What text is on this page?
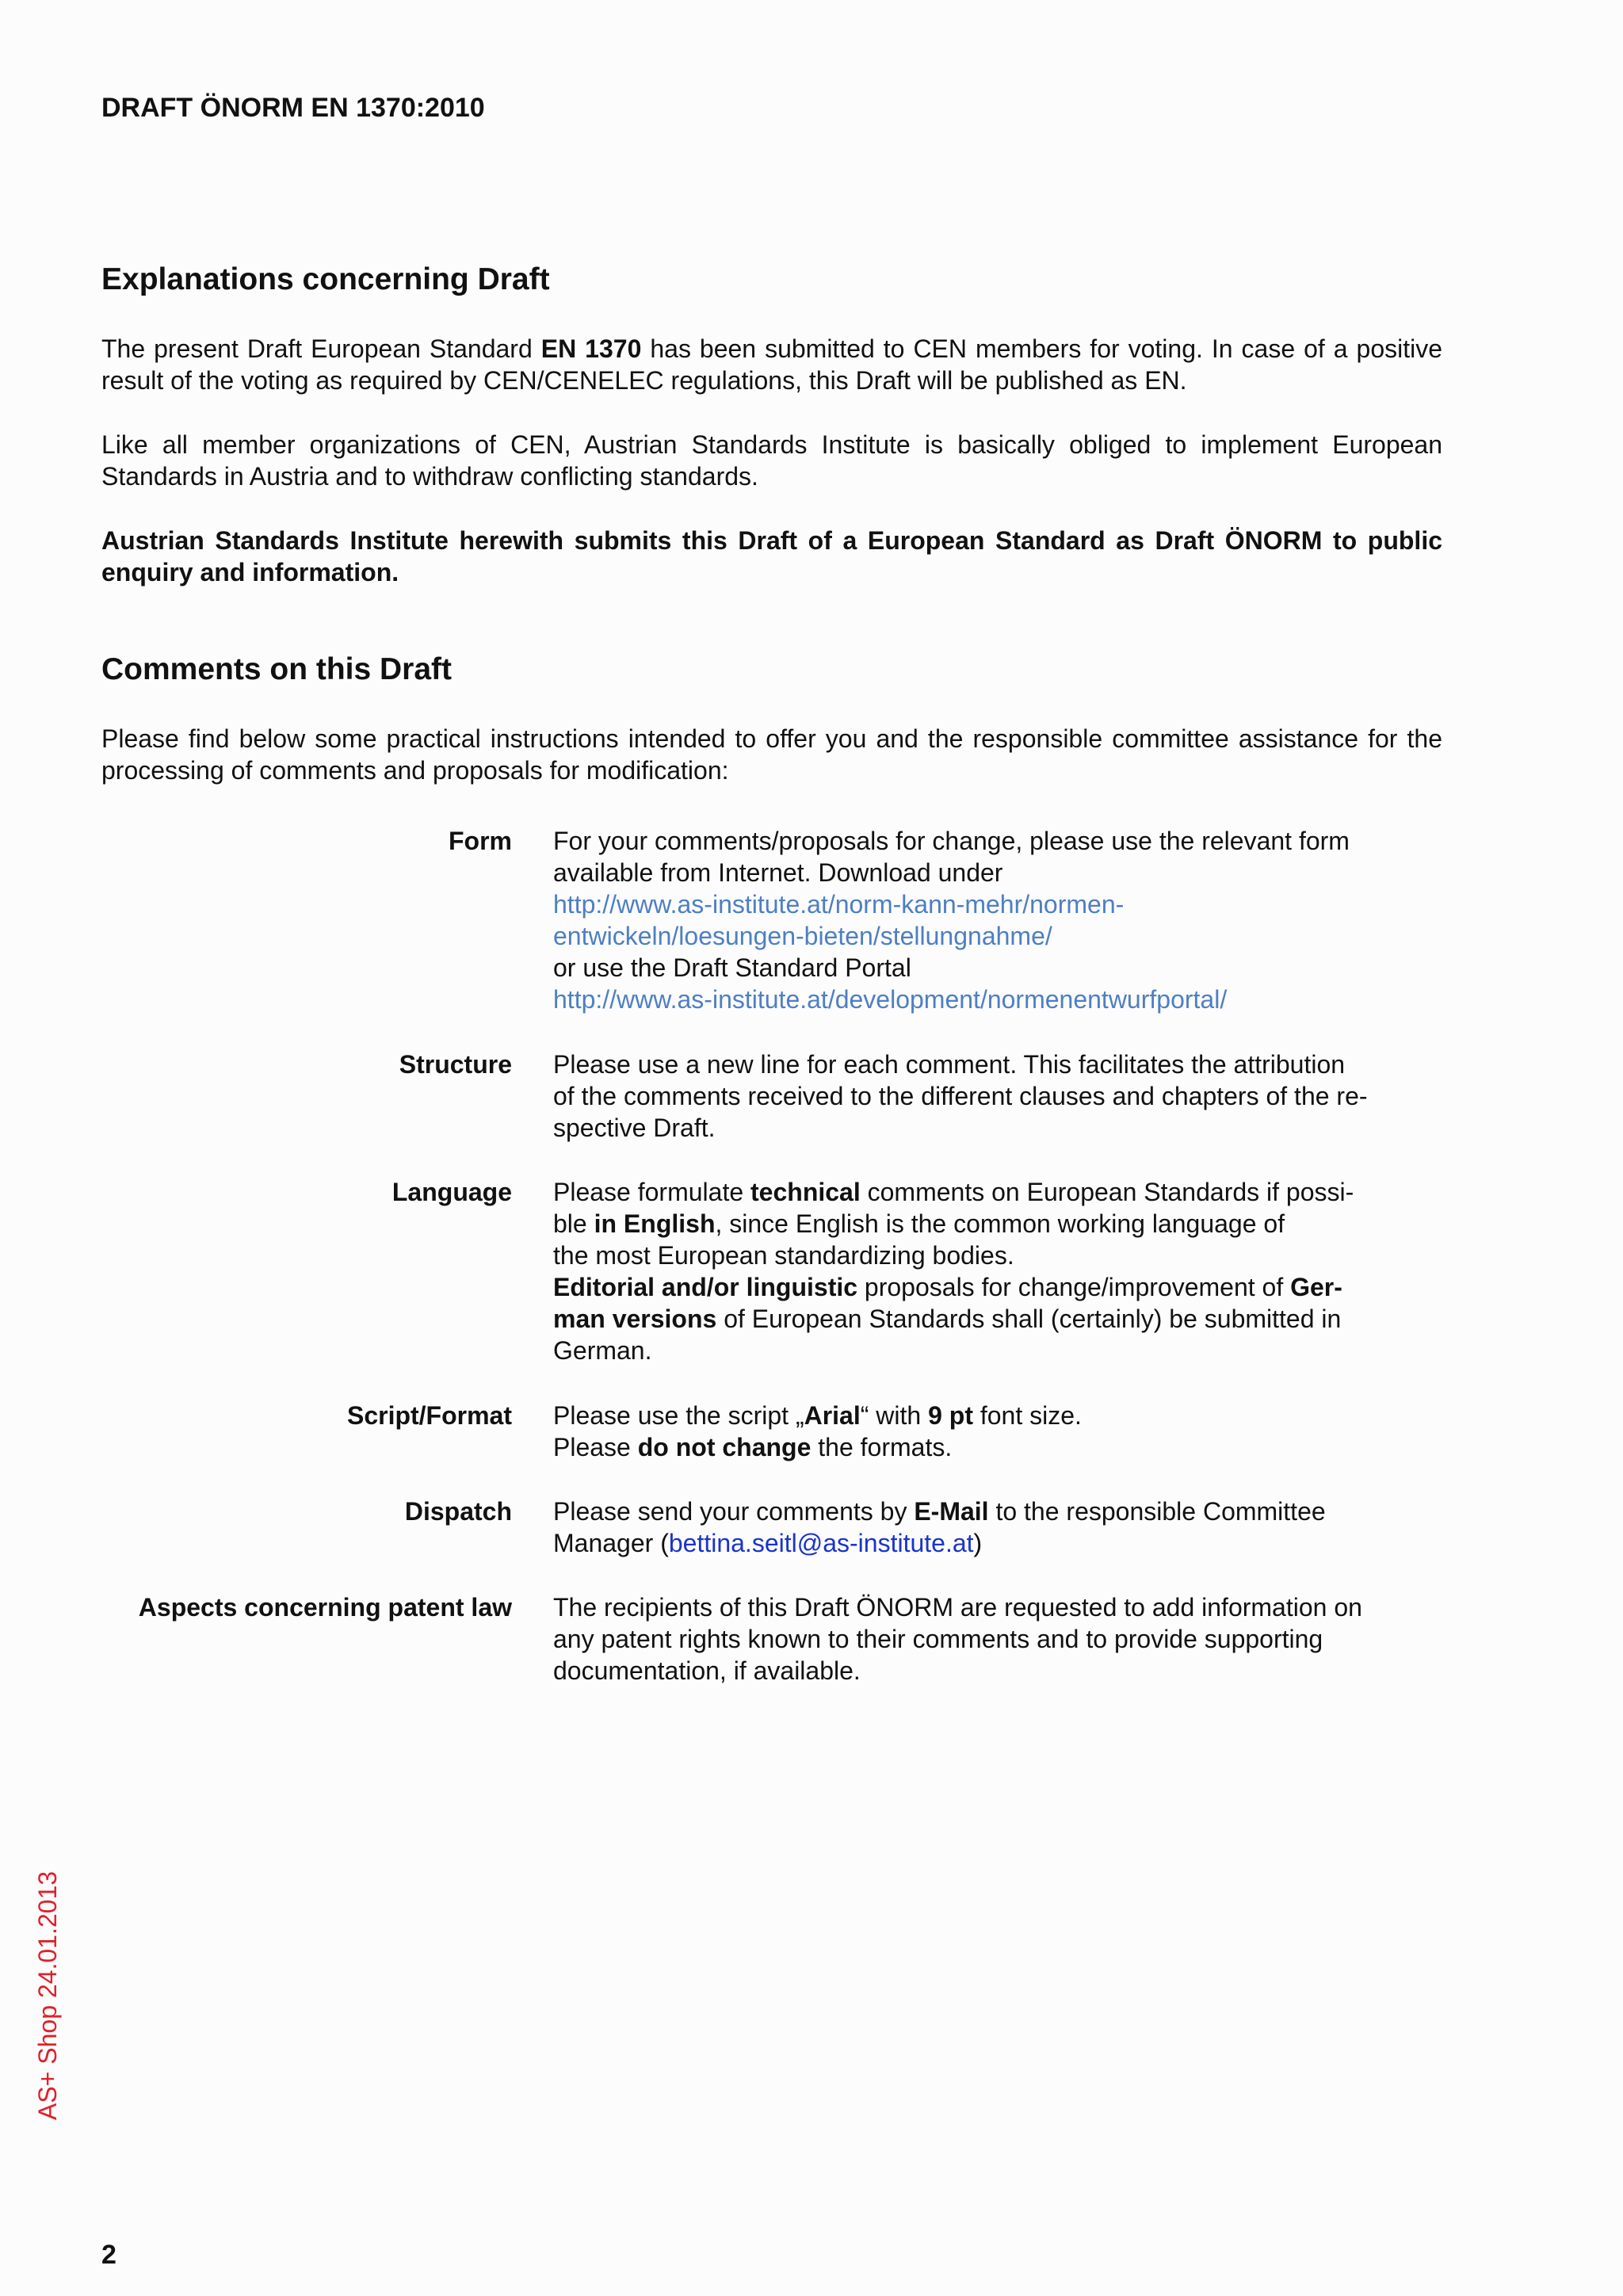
DRAFT ÖNORM EN 1370:2010
Explanations concerning Draft

The present Draft European Standard EN 1370 has been submitted to CEN members for voting. In case of a positive result of the voting as required by CEN/CENELEC regulations, this Draft will be published as EN.

Like all member organizations of CEN, Austrian Standards Institute is basically obliged to implement European Standards in Austria and to withdraw conflicting standards.

Austrian Standards Institute herewith submits this Draft of a European Standard as Draft ÖNORM to public enquiry and information.

Comments on this Draft

Please find below some practical instructions intended to offer you and the responsible committee assistance for the processing of comments and proposals for modification:

Form For your comments/proposals for change, please use the relevant form
available from Internet. Download under
http://www.as-institute.at/norm-kann-mehr/normen-
entwickeln/loesungen-bieten/stellungnahme/
or use the Draft Standard Portal
http://www.as-institute.at/development/normenentwurfportal/
Structure Please use a new line for each comment. This facilitates the attribution
of the comments received to the different clauses and chapters of the re-
spective Draft.
Language Please formulate technical comments on European Standards if possi-
ble in English, since English is the common working language of
the most European standardizing bodies.
Editorial and/or linguistic proposals for change/improvement of Ger-
man versions of European Standards shall (certainly) be submitted in
German.
Script/Format Please use the script „Arial“ with 9 pt font size.
Please do not change the formats.
Dispatch Please send your comments by E-Mail to the responsible Committee
Manager (bettina.seitl@as-institute.at)
Aspects concerning patent law The recipients of this Draft ÖNORM are requested to add information on
any patent rights known to their comments and to provide supporting
documentation, if available.
AS+ Shop 24.01.2013
2
